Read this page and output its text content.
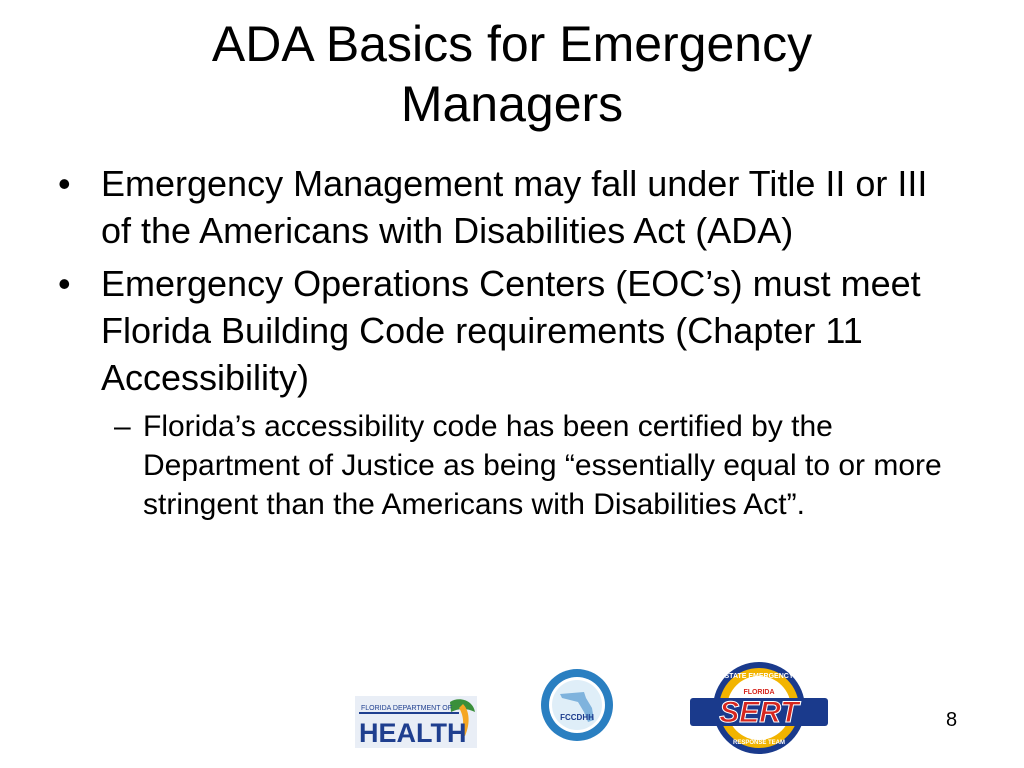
ADA Basics for Emergency Managers
• Emergency Management may fall under Title II or III of the Americans with Disabilities Act (ADA)
• Emergency Operations Centers (EOC’s) must meet Florida Building Code requirements (Chapter 11 Accessibility)
– Florida’s accessibility code has been certified by the Department of Justice as being “essentially equal to or more stringent than the Americans with Disabilities Act”.
FLORIDA DEPARTMENT OF
HEALTH
FCCDHH
STATE EMERGENCY
FLORIDA
SERT
RESPONSE TEAM
8
